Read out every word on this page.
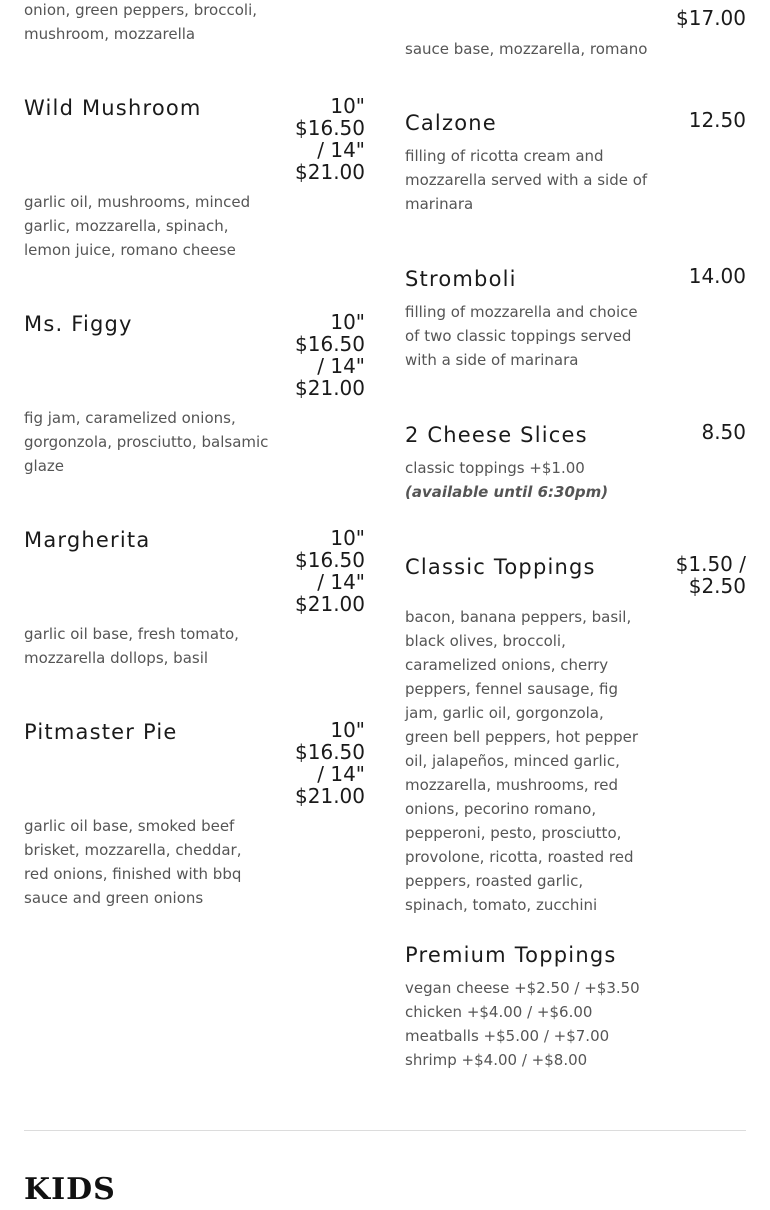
onion, green peppers, broccoli, mushroom, mozzarella
Wild Mushroom	10" $16.50 / 14" $21.00
garlic oil, mushrooms, minced garlic, mozzarella, spinach, lemon juice, romano cheese
Ms. Figgy	10" $16.50 / 14" $21.00
fig jam, caramelized onions, gorgonzola, prosciutto, balsamic glaze
Margherita	10" $16.50 / 14" $21.00
garlic oil base, fresh tomato, mozzarella dollops, basil
Pitmaster Pie	10" $16.50 / 14" $21.00
garlic oil base, smoked beef brisket, mozzarella, cheddar, red onions, finished with bbq sauce and green onions
$17.00
sauce base, mozzarella, romano
Calzone	12.50
filling of ricotta cream and mozzarella served with a side of marinara
Stromboli	14.00
filling of mozzarella and choice of two classic toppings served with a side of marinara
2 Cheese Slices	8.50
classic toppings +$1.00 (available until 6:30pm)
Classic Toppings	$1.50 / $2.50
bacon, banana peppers, basil, black olives, broccoli, caramelized onions, cherry peppers, fennel sausage, fig jam, garlic oil, gorgonzola, green bell peppers, hot pepper oil, jalapeños, minced garlic, mozzarella, mushrooms, red onions, pecorino romano, pepperoni, pesto, prosciutto, provolone, ricotta, roasted red peppers, roasted garlic, spinach, tomato, zucchini
Premium Toppings
vegan cheese +$2.50 / +$3.50
chicken +$4.00 / +$6.00
meatballs +$5.00 / +$7.00
shrimp +$4.00 / +$8.00
KIDS
